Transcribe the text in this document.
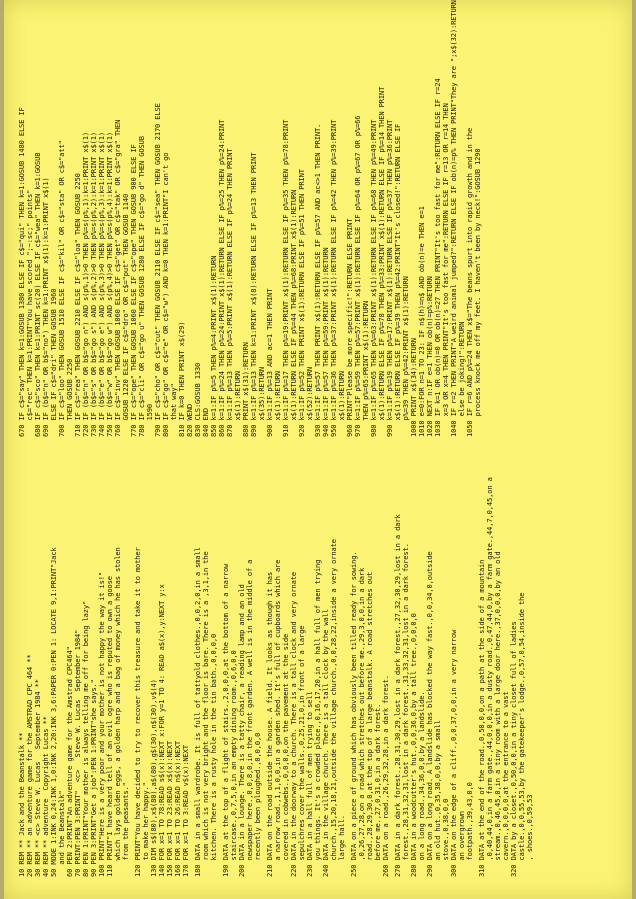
10 REM ** Jack and the Beanstalk ** 20 REM ** an adventure game for the AMSTRAD CPC 464 ** 30 REM ** <c> Steve W. Lucas   September 1984 ** 40 REM ** adventure  Copyright Lucas ** 50 MODE 1:INK 0,24:INK 1,0:INK 2,20:INK 3,6:PAPER 0:PEN 1: LOCATE 9,1:PRINT"Jack and the Beanstalk" 60 PEN 2:PRINT"An adventure game for the Amstrad CPC464" 70 PRINT:PEN 3:PRINT"  <c>   Steve W. Lucas  September 1984" 80 PEN 1:PRINT"Your mother is always telling me off for being lazy" 90 PEN 3:PRINT"Get a job":PEN 1:PRINT"she says." 100 PRINT"Here is a very poor and your mother is not happy the way it is!" 110 PRINT"I have heard tell of an evil ogre who is reputed to own a goose which lays golden eggs, a golden harp and a bag of money which he has stolen from the peasants." 120 PRINT"You have decided to try to recover this treasure and take it to mother to make her happy." 130 DIM s$(80),x$(80),a$(80),g$(30),n$(30),v$(4) 140 FOR x=1 TO 78:READ s$(x):NEXT x:FOR y=1 TO 4: READ a$(x),y:NEXT y:x 150 FOR x=1 TO 23:READ x$(x):NEXT 160 FOR x=1 TO 26:READ n$(x):NEXT 170 FOR x=1 TO 3:READ v$(x):NEXT 180 DATA in a small wardrobe. It is full of tattyold clothes.,0,0,2,0,in a small room which is not very bright and the floor is bare. There is a ,3,1,in the kitchen. There is a rusty hole in the tin bath.,0,0,0,0 190 DATA at the top of a flight of stairs.,2,0,0,0,at the bottom of a narrow staircase.,0,7,5,0,in an empty dining room.,0,6,0,0 200 DATA in a lounge. There is a tatty chair, a reading lamp and an old newspaper here.,0,0,8,0,in the front garden. A well is in the middle of a recently been ploughed.,0,0,0,0 210 DATA on the road outside the house. A field. It looks as though it has a narrow road.,1,1,0,0,in a garden shed. It's full of cupboards which are covered in cobwebs.,0,0,0,0,on the pavement at the side 220 DATA in the doorway to a church. There is a tall clock and very ornate sepulchres cover the walls.,0,25,21,0,in front of a large 230 DATA in a hall full of men trying to sell you things. It's a crowded place.,0,16,17,20,in a hall full of men trying 240 DATA in the village church. There is a tall clock by the wall church.,15,20,18,21,outside the village church.,0,0,28,22,inside a very ornate large hall. 250 DATA on a piece of ground which has obviously been tilled ready for sowing. ,0,26,27,28,on a road which stretches out before me.,29,3,0,0,in a dark road.,28,29,30,0,at the top of a large beanstalk. A road stretches out before me.,27,0,31,0,in a dark forest. 260 DATA on a road.,26,29,32,28,in a dark forest. 270 DATA in a dark forest.,28,31,30,29,lost in a dark forest.,27,32,30,29,lost in a dark forest.,28,31,32,31,lost in a dark forest.,31,33,32,31,lost in a dark forest. 280 DATA in a woodcutter's hut.,0,0,36,0,by a tall tree.,0,0,0,0 on a long road.,34,36,0,0,by a landslide. 290 DATA on a long road. A landslide has blocked the way fast.,0,0,34,0,outside an old hut.,0,35,38,0,0,by a small stove.,0,38,0,0 300 DATA on the edge of a cliff.,0,0,37,0,0,in a very narrow an overgrown footpath.,39,43,0,0 310 DATA at the end of the road.,0,50,0,0,on a path at the side of a mountain ,0,40,44,0,in a farm gate.,44,0,0,0,in a dusty road.,0,47,44,0,by a farm gate.,44,7,0,45,on a stream.,0,46,45,0,in a tiny room with a large door here.,37,0,0,0,by an old cavern.,0,0,0,0,at the entrance to a vast 320 DATA by a closet.,0,50,0,0,in a tiny closet full of ladies castle.,0,0,55,53,by the gatekeeper's lodge.,0,57,0,54,inside the , shoes.,0,59,53
670 IF c$="say" THEN k=1:GOSUB 1380 ELSE IF c$="qui" THEN k=1:GOSUB 1480 ELSE IF c$="rec" THEN k=1:PRINT"You have scored ";~:sc;" points" 680 IF c$="sco" THEN k=1:PRINT sc(20) ELSE IF c$="wea" THEN k=1:GOSUB 690 IF (b$="n" OR b$="no") THEN k=1:PRINT x$(1):k=1:PRINT x$(1) ELSE IF c$="dri" THEN GOSUB 1960 700 IF c$="loo" THEN GOSUB 1510 ELSE IF c$="kil" OR c$="sta" OR c$="att" THEN GOSUB 2250 710 IF c$="rea" THEN GOSUB 2210 ELSE IF c$="loa" THEN GOSUB 2250 720 IF (b$="n" OR b$="go n") AND s(p%,1)>0 THEN p%=s(p%,1):k=1:PRINT x$(1) 730 IF (b$="s" OR b$="go s") AND s(p%,2)>0 THEN p%=s(p%,2):k=1:PRINT x$(1) 740 IF (b$="e" OR b$="go e") AND s(p%,3)>0 THEN p%=s(p%,3):k=1:PRINT x$(1) 750 IF (b$="w" OR b$="go w") AND s(p%,4)>0 THEN p%=s(p%,4):k=1:PRINT x$(1) 760 IF c$="inv" THEN GOSUB 1060 ELSE IF c$="get" OR c$="tak" OR c$="gra" THEN GOSUB 1220 ELSE IF c$="dro" OR c$="put" THEN GOSUB 1140 770 IF c$="ope" THEN GOSUB 1060 ELSE IF c$="ope" THEN GOSUB 900 ELSE IF 780 IF c$="cli" OR c$="go u" THEN GOSUB 1280 ELSE IF c$="go d" THEN GOSUB 1590 790 IF c$="cho" OR c$="cut" THEN GOSUB 2110 ELSE IF c$="sea" THEN GOSUB 2170 ELSE 800 IF c$="go" OR c$="e" OR c$="w") AND k=0 THEN k=1:PRINT"I can't go that way" 810 IF k=0 THEN PRINT x$(29) 820 WEND 830 CLS:GOSUB 1330 840 END 850 k=1:IF p%=5 THEN p%=4:PRINT x$(1):RETURN 860 k=1:IF p%=24 THEN p%=24:PRINT x$(1):RETURN ELSE IF p%=25 THEN p%=24:PRINT 870 k=1:IF p%=13 THEN p%=5:PRINT x$(1):RETURN ELSE IF p%=24 THEN PRINT x$(1):RETURN 880 PRINT x$(31):RETURN 890 k=1:IF p%=13 THEN k=1:PRINT x$(8):RETURN ELSE IF p%=13 THEN PRINT x$(35):RETURN 900 k=1:IF p%=13 AND ac=1 THEN PRINT x$(1):RETURN 910 k=1:IF p%=17 THEN p%=19:PRINT x$(1):RETURN ELSE IF p%=35 THEN p%=78:PRINT x$(1):RETURN ELSE IF p%=44 THEN p%=68:PRINT x$(1):RETURN 920 k=1:IF p%=52 THEN PRINT x$(1):RETURN ELSE IF p%=51 THEN PRINT x$(52):RETURN 930 k=1:IF p%=57 THEN PRINT x$(1):RETURN ELSE IF p%=57 AND ac<>1 THEN PRINT. 940 k=1:IF p%=57 THEN p%=59:PRINT x$(1):RETURN 950 k=1:IF p%=36 THEN p%=37:PRINT x$(1):RETURN ELSE IF p%=42 THEN p%=39:PRINT x$(1):RETURN 960 PRINT"Please be more specific!":RETURN ELSE PRINT 970 k=1:IF p%=59 THEN p%=57:PRINT x$(1):RETURN ELSE IF p%=64 OR p%=67 OR p%=66 THEN p%=65:PRINT x$(1):RETURN 980 k=1:IF p%=65 THEN p%=63:PRINT x$(1):RETURN ELSE IF p%=68 THEN p%=49:PRINT x$(1):RETURN ELSE IF p%=78 THEN p%=33:PRINT x$(1):RETURN ELSE IF p%=14 THEN PRINT 990 k=1:IF p%=19 THEN p%=17:PRINT x$(1):RETURN ELSE IF p%=37 THEN p%=36:PRINT x$(1):RETURN ELSE IF p%=39 THEN p%=42:PRINT"It's closed!":RETURN ELSE IF p%=39 THEN p%=42:PRINT x$(1):RETURN 1000 PRINT x$(34):RETURN 1010 e=0:FOR n=1 TO 23: IF n$(h)=n$ AND ob(n)=e THEN e=1 1020 NEXT n:IF e=1 THEN ob(n)=p%:RETURN 1030 IF k=1 OR ob(n)=0 OR ob(n)=27 THEN PRINT"It's too fast for me":RETURN ELSE IF r=24 x=3 OR x=4 THEN PRINT"It's too fast for me":RETURN ELSE IF r=13 OR r=14 THEN 1040 IF r=2 THEN PRINT"A weird animal jumped?":RETURN ELSE IF ob(n)=p% THEN PRINT"They are ";x$(32):RETURN else be joking!":RETURN 1050 IF r=6 AND p%=24 THEN x$="The beans spurt into rapid growth and in the process knock me off my feet. I haven't been by neck!":GOSUB 1290
